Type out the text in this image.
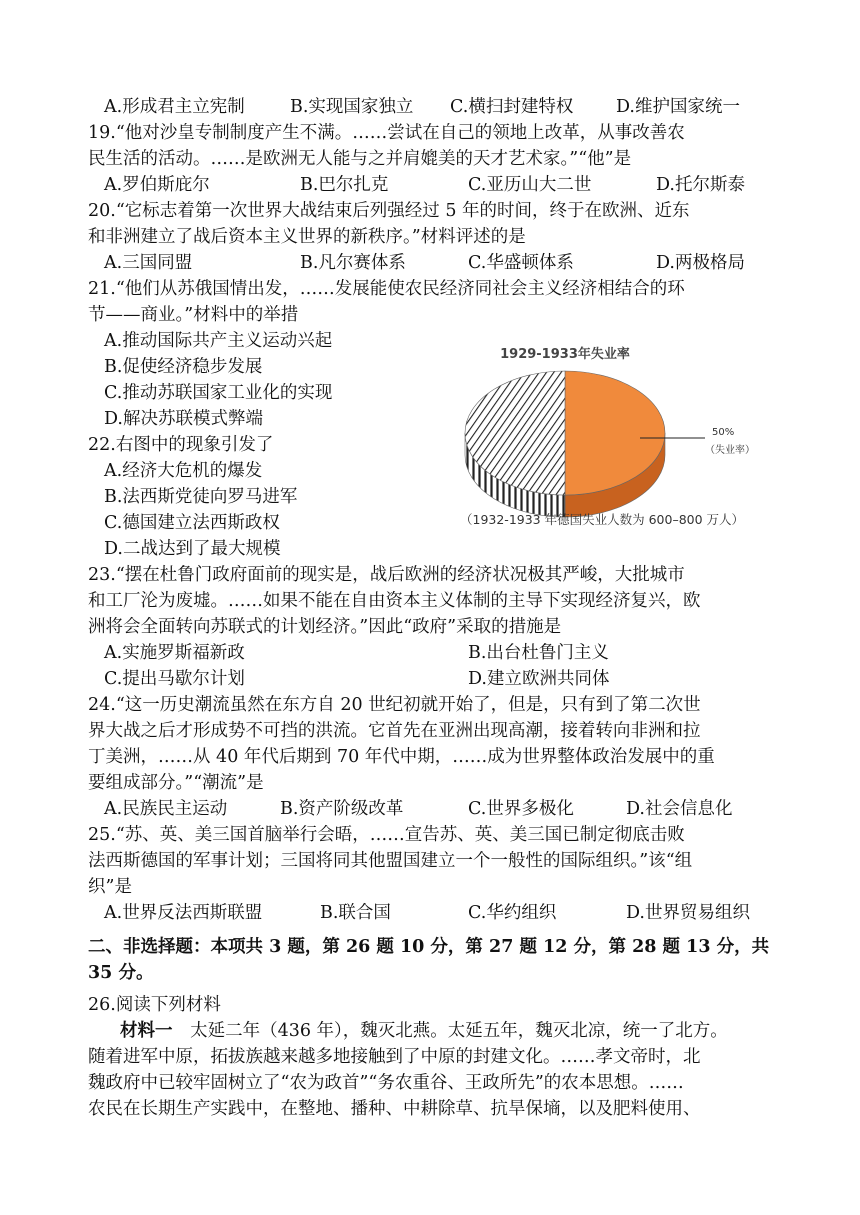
A.形成君主立宪制	B.实现国家独立 C.横扫封建特权 D.维护国家统一
19.“他对沙皇专制制度产生不满。……尝试在自己的领地上改革，从事改善农
民生活的活动。……是欧洲无人能与之并肩媲美的天才艺术家。”“他”是
A.罗伯斯庇尔	B.巴尔扎克	C.亚历山大二世	D.托尔斯泰
20.“它标志着第一次世界大战结束后列强经过 5 年的时间，终于在欧洲、近东
和非洲建立了战后资本主义世界的新秩序。”材料评述的是
A.三国同盟	B.凡尔赛体系	C.华盛顿体系	D.两极格局
21.“他们从苏俄国情出发，……发展能使农民经济同社会主义经济相结合的环
节——商业。”材料中的举措
A.推动国际共产主义运动兴起
B.促使经济稳步发展
C.推动苏联国家工业化的实现
D.解决苏联模式弊端
22.右图中的现象引发了
A.经济大危机的爆发
B.法西斯党徒向罗马进军
C.德国建立法西斯政权
D.二战达到了最大规模
1929-1933年失业率
50%
（失业率）
（1932-1933 年德国失业人数为 600–800 万人）
23.“摆在杜鲁门政府面前的现实是，战后欧洲的经济状况极其严峻，大批城市
和工厂沦为废墟。……如果不能在自由资本主义体制的主导下实现经济复兴，欧
洲将会全面转向苏联式的计划经济。”因此“政府”采取的措施是
A.实施罗斯福新政	B.出台杜鲁门主义
C.提出马歇尔计划	D.建立欧洲共同体
24.“这一历史潮流虽然在东方自 20 世纪初就开始了，但是，只有到了第二次世
界大战之后才形成势不可挡的洪流。它首先在亚洲出现高潮，接着转向非洲和拉
丁美洲，……从 40 年代后期到 70 年代中期，……成为世界整体政治发展中的重
要组成部分。”“潮流”是
A.民族民主运动	B.资产阶级改革	C.世界多极化	D.社会信息化
25.“苏、英、美三国首脑举行会晤，……宣告苏、英、美三国已制定彻底击败
法西斯德国的军事计划；三国将同其他盟国建立一个一般性的国际组织。”该“组
织”是
A.世界反法西斯联盟	B.联合国	C.华约组织	D.世界贸易组织
二、非选择题：本项共 3 题，第 26 题 10 分，第 27 题 12 分，第 28 题 13 分，共
35 分。
26.阅读下列材料
材料一 太延二年（436 年），魏灭北燕。太延五年，魏灭北凉，统一了北方。
随着进军中原，拓拔族越来越多地接触到了中原的封建文化。……孝文帝时，北
魏政府中已较牢固树立了“农为政首”“务农重谷、王政所先”的农本思想。……
农民在长期生产实践中，在整地、播种、中耕除草、抗旱保墒，以及肥料使用、
